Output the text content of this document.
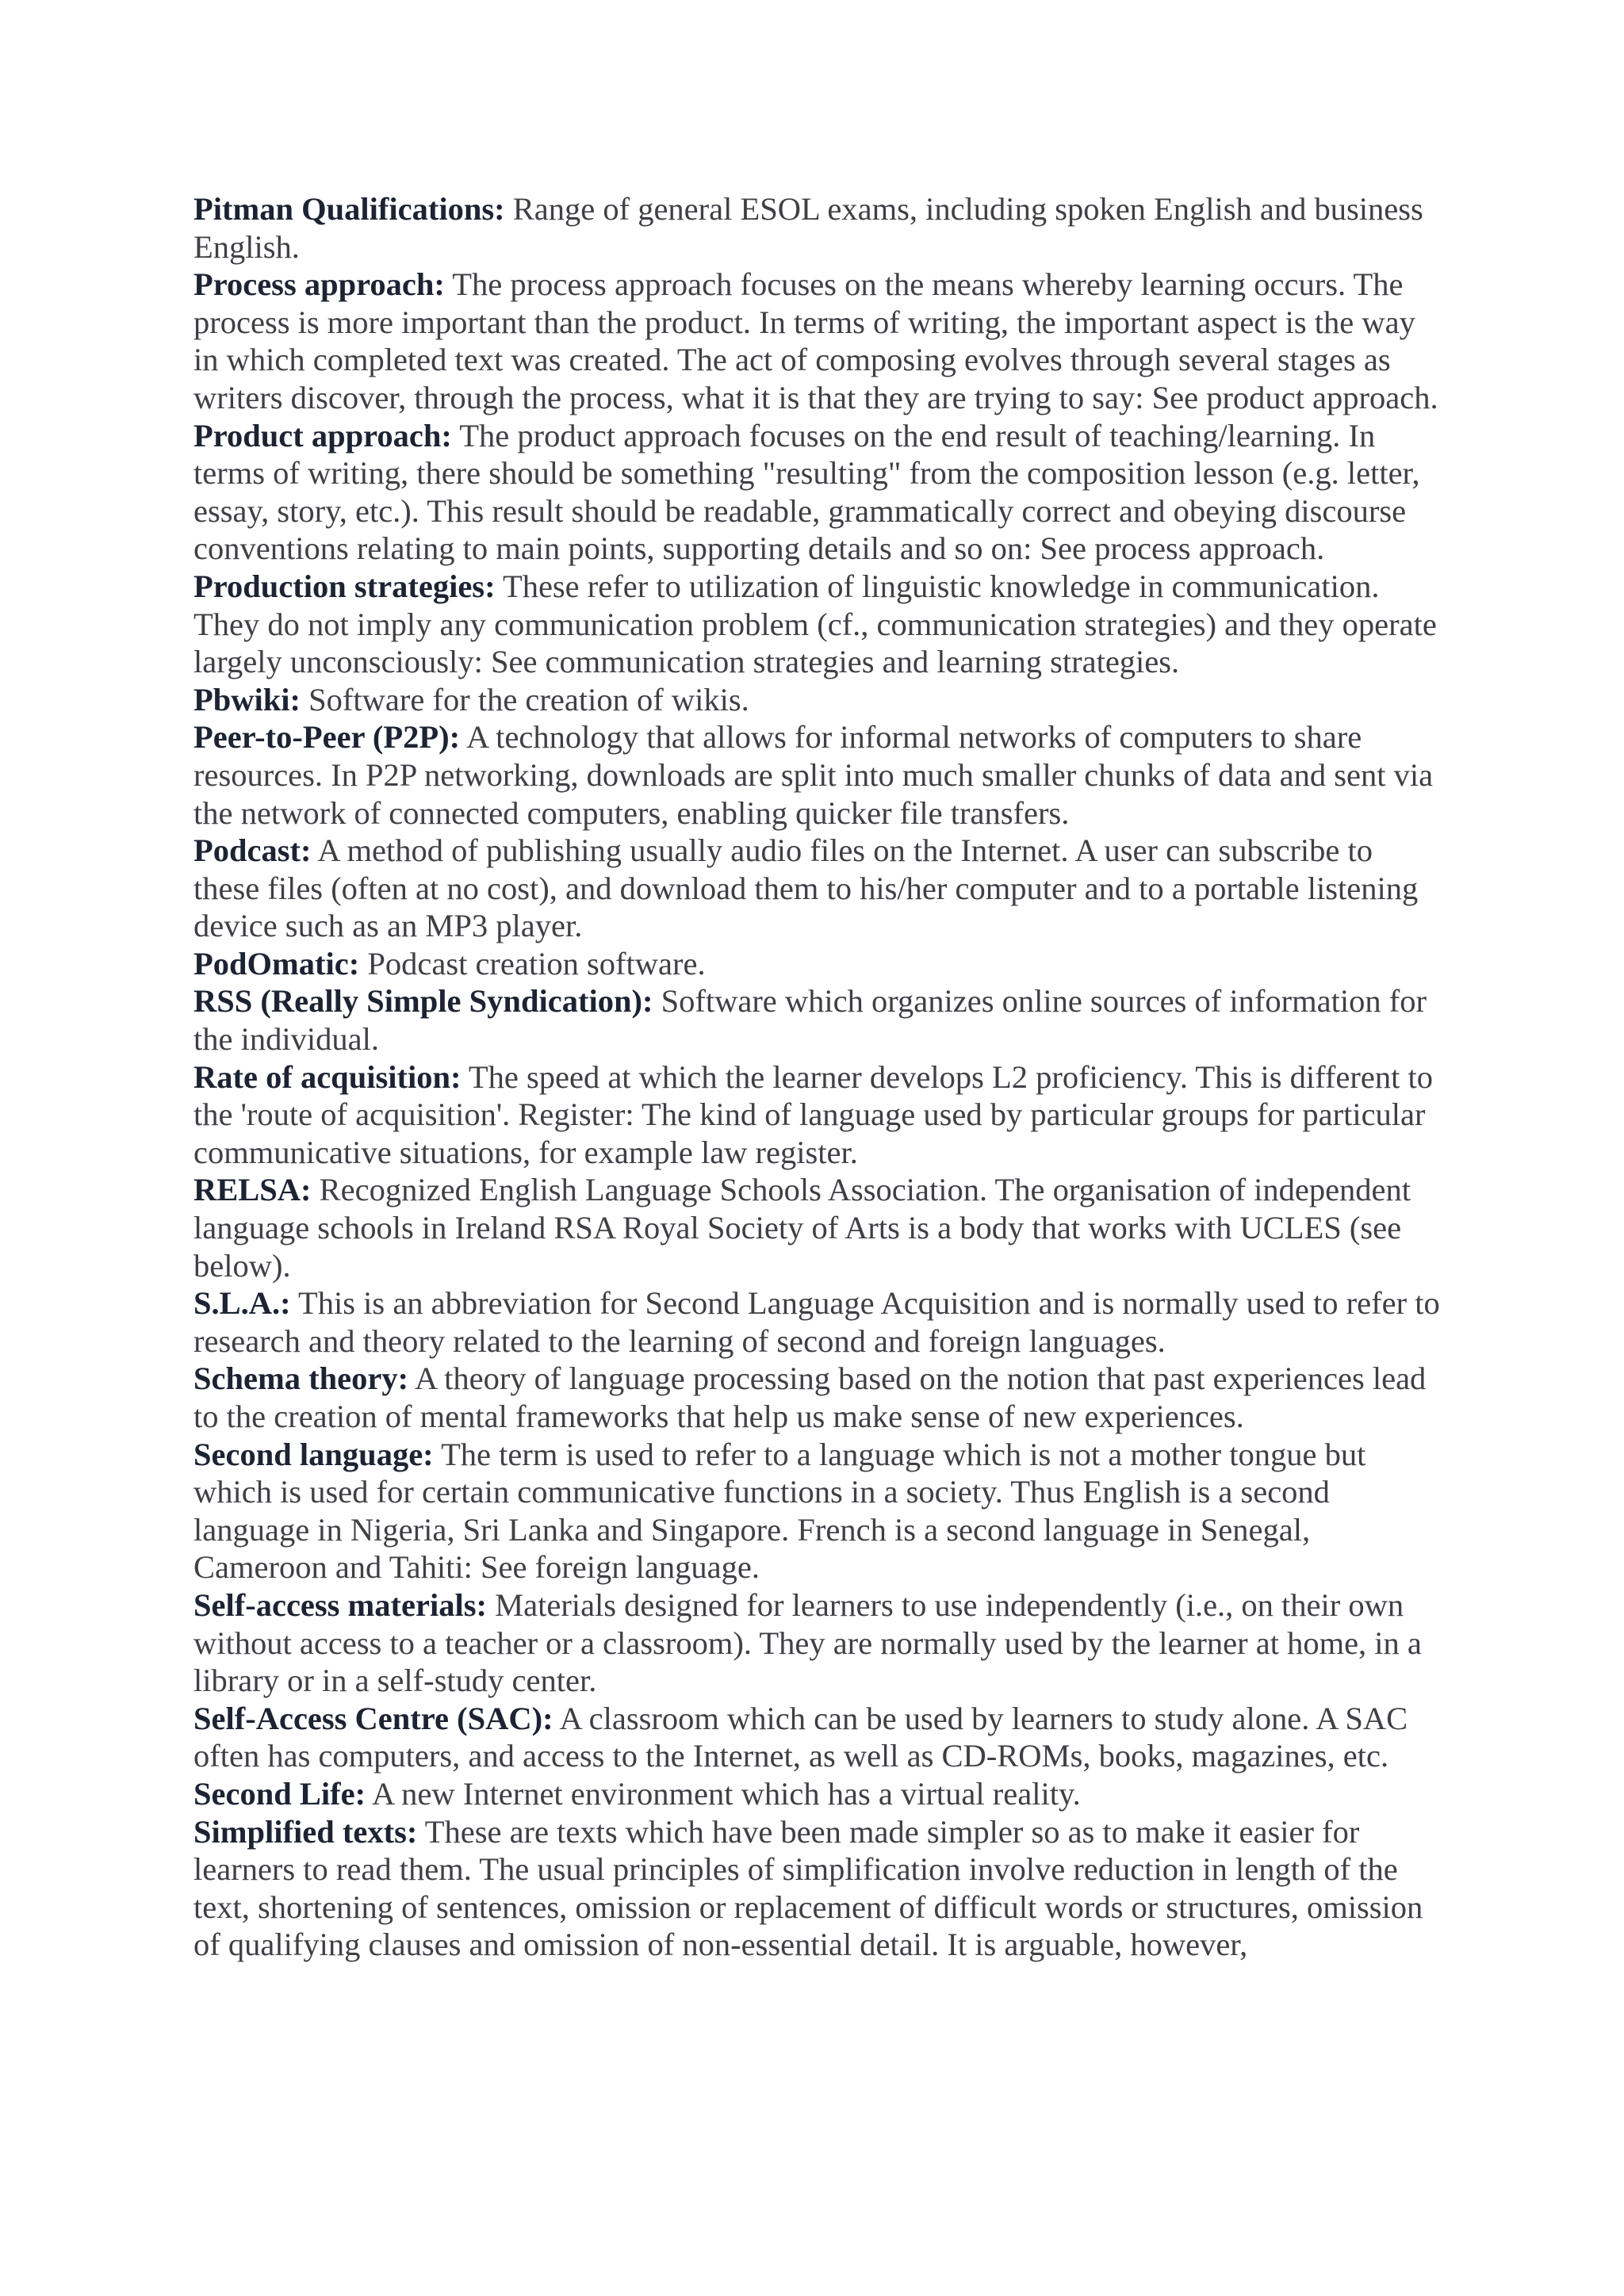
Pitman Qualifications: Range of general ESOL exams, including spoken English and business English.
Process approach: The process approach focuses on the means whereby learning occurs. The process is more important than the product. In terms of writing, the important aspect is the way in which completed text was created. The act of composing evolves through several stages as writers discover, through the process, what it is that they are trying to say: See product approach.
Product approach: The product approach focuses on the end result of teaching/learning. In terms of writing, there should be something "resulting" from the composition lesson (e.g. letter, essay, story, etc.). This result should be readable, grammatically correct and obeying discourse conventions relating to main points, supporting details and so on: See process approach.
Production strategies: These refer to utilization of linguistic knowledge in communication. They do not imply any communication problem (cf., communication strategies) and they operate largely unconsciously: See communication strategies and learning strategies.
Pbwiki: Software for the creation of wikis.
Peer-to-Peer (P2P): A technology that allows for informal networks of computers to share resources. In P2P networking, downloads are split into much smaller chunks of data and sent via the network of connected computers, enabling quicker file transfers.
Podcast: A method of publishing usually audio files on the Internet. A user can subscribe to these files (often at no cost), and download them to his/her computer and to a portable listening device such as an MP3 player.
PodOmatic: Podcast creation software.
RSS (Really Simple Syndication): Software which organizes online sources of information for the individual.
Rate of acquisition: The speed at which the learner develops L2 proficiency. This is different to the 'route of acquisition'. Register: The kind of language used by particular groups for particular communicative situations, for example law register.
RELSA: Recognized English Language Schools Association. The organisation of independent language schools in Ireland RSA Royal Society of Arts is a body that works with UCLES (see below).
S.L.A.: This is an abbreviation for Second Language Acquisition and is normally used to refer to research and theory related to the learning of second and foreign languages.
Schema theory: A theory of language processing based on the notion that past experiences lead to the creation of mental frameworks that help us make sense of new experiences.
Second language: The term is used to refer to a language which is not a mother tongue but which is used for certain communicative functions in a society. Thus English is a second language in Nigeria, Sri Lanka and Singapore. French is a second language in Senegal, Cameroon and Tahiti: See foreign language.
Self-access materials: Materials designed for learners to use independently (i.e., on their own without access to a teacher or a classroom). They are normally used by the learner at home, in a library or in a self-study center.
Self-Access Centre (SAC): A classroom which can be used by learners to study alone. A SAC often has computers, and access to the Internet, as well as CD-ROMs, books, magazines, etc.
Second Life: A new Internet environment which has a virtual reality.
Simplified texts: These are texts which have been made simpler so as to make it easier for learners to read them. The usual principles of simplification involve reduction in length of the text, shortening of sentences, omission or replacement of difficult words or structures, omission of qualifying clauses and omission of non-essential detail. It is arguable, however,
